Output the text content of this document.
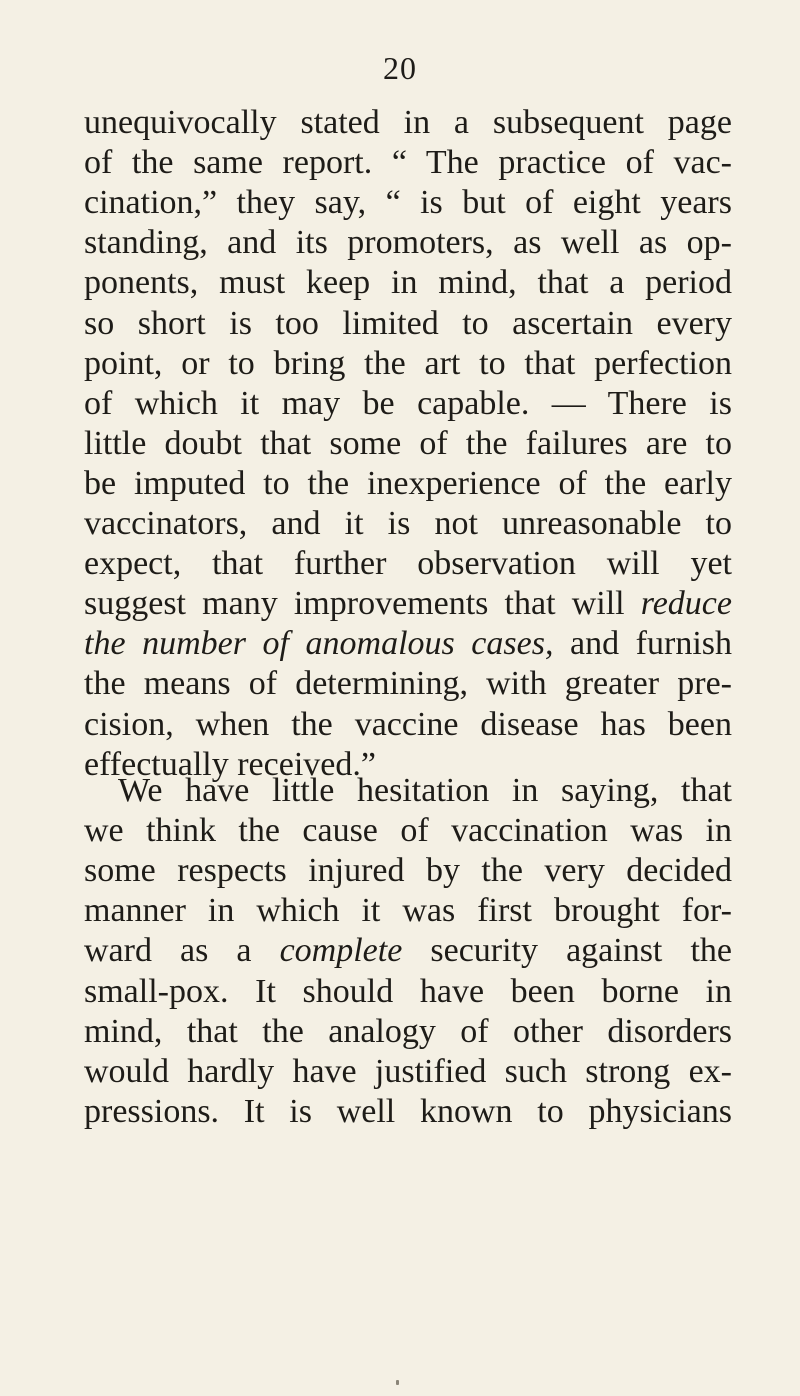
20
unequivocally stated in a subsequent page
of the same report. “ The practice of vac-
cination,” they say, “ is but of eight years
standing, and its promoters, as well as op-
ponents, must keep in mind, that a period
so short is too limited to ascertain every
point, or to bring the art to that perfection
of which it may be capable. — There is
little doubt that some of the failures are to
be imputed to the inexperience of the early
vaccinators, and it is not unreasonable to
expect, that further observation will yet
suggest many improvements that will reduce
the number of anomalous cases, and furnish
the means of determining, with greater pre-
cision, when the vaccine disease has been
effectually received.”
We have little hesitation in saying, that
we think the cause of vaccination was in
some respects injured by the very decided
manner in which it was first brought for-
ward as a complete security against the
small-pox. It should have been borne in
mind, that the analogy of other disorders
would hardly have justified such strong ex-
pressions. It is well known to physicians
